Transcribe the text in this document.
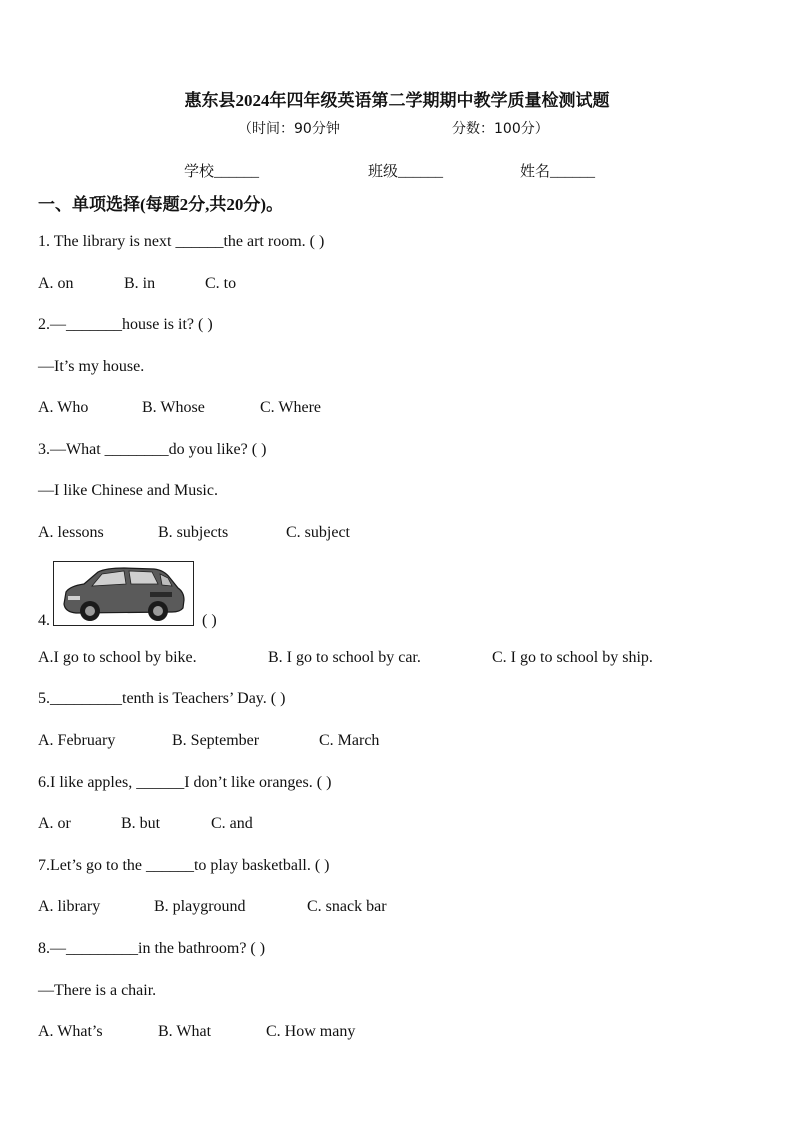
惠东县2024年四年级英语第二学期期中教学质量检测试题
（时间：90分钟	分数：100分）
学校______	班级______	姓名______
一、单项选择(每题2分,共20分)。
1. The library is next ______the art room. ( )
A. on	B. in	C. to
2.—_______house is it? ( )
—It’s my house.
A. Who	B. Whose	C. Where
3.—What ________do you like? ( )
—I like Chinese and Music.
A. lessons	B. subjects	C. subject
4.	( )
A.I go to school by bike.	B. I go to school by car.	C. I go to school by ship.
5._________tenth is Teachers’ Day. ( )
A. February	B. September	C. March
6.I like apples, ______I don’t like oranges. ( )
A. or	B. but	C. and
7.Let’s go to the ______to play basketball. ( )
A. library	B. playground	C. snack bar
8.—_________in the bathroom? ( )
—There is a chair.
A. What’s	B. What	C. How many
